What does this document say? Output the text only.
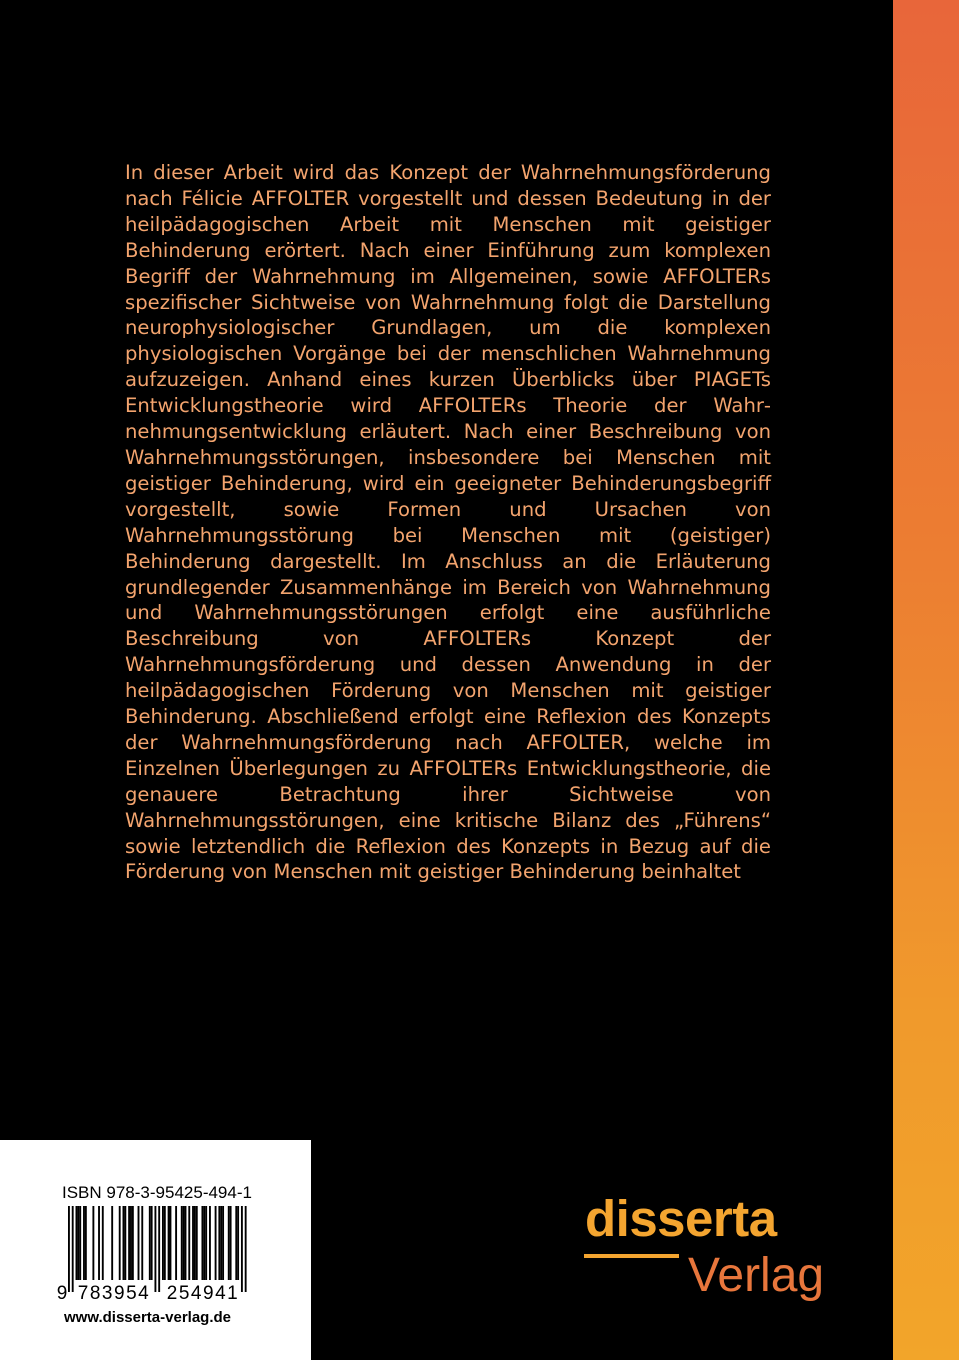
In dieser Arbeit wird das Konzept der Wahrnehmungsförderung nach Félicie AFFOLTER vorgestellt und dessen Bedeutung in der heilpädagogischen Arbeit mit Menschen mit geistiger Behinderung erörtert. Nach einer Einführung zum komplexen Begriff der Wahrnehmung im Allgemeinen, sowie AFFOLTERs spezifischer Sichtweise von Wahrnehmung folgt die Darstellung neurophysiologischer Grundlagen, um die komplexen physiologischen Vorgänge bei der menschlichen Wahrnehmung aufzuzeigen. Anhand eines kurzen Überblicks über PIAGETs Entwicklungstheorie wird AFFOLTERs Theorie der Wahrnehmungsentwicklung erläutert. Nach einer Beschreibung von Wahrnehmungsstörungen, insbesondere bei Menschen mit geistiger Behinderung, wird ein geeigneter Behinderungsbegriff vorgestellt, sowie Formen und Ursachen von Wahrnehmungsstörung bei Menschen mit (geistiger) Behinderung dargestellt. Im Anschluss an die Erläuterung grundlegender Zusammenhänge im Bereich von Wahrnehmung und Wahrnehmungsstörungen erfolgt eine ausführliche Beschreibung von AFFOLTERs Konzept der Wahrnehmungsförderung und dessen Anwendung in der heilpädagogischen Förderung von Menschen mit geistiger Behinderung. Abschließend erfolgt eine Reflexion des Konzepts der Wahrnehmungsförderung nach AFFOLTER, welche im Einzelnen Überlegungen zu AFFOLTERs Entwicklungstheorie, die genauere Betrachtung ihrer Sichtweise von Wahrnehmungsstörungen, eine kritische Bilanz des „Führens“ sowie letztendlich die Reflexion des Konzepts in Bezug auf die Förderung von Menschen mit geistiger Behinderung beinhaltet

ISBN 978-3-95425-494-1
9 783954 254941
www.disserta-verlag.de
disserta
Verlag
